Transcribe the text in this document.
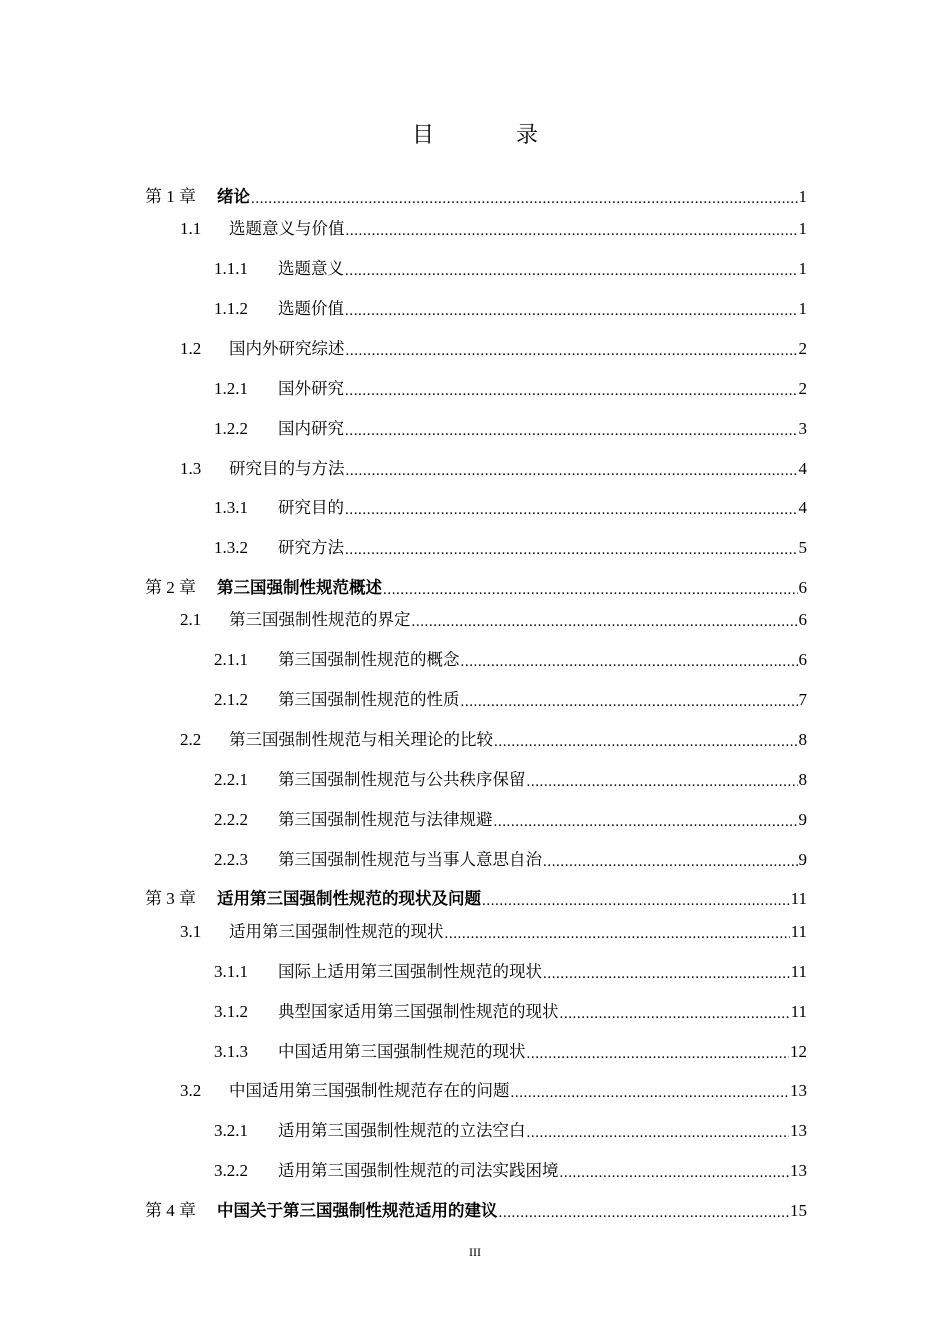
目　录
第 1 章	绪论 .....	1
1.1	选题意义与价值 .....	1
1.1.1	选题意义 .....	1
1.1.2	选题价值 .....	1
1.2	国内外研究综述 .....	2
1.2.1	国外研究 .....	2
1.2.2	国内研究 .....	3
1.3	研究目的与方法 .....	4
1.3.1	研究目的 .....	4
1.3.2	研究方法 .....	5
第 2 章	第三国强制性规范概述 .....	6
2.1	第三国强制性规范的界定 .....	6
2.1.1	第三国强制性规范的概念 .....	6
2.1.2	第三国强制性规范的性质 .....	7
2.2	第三国强制性规范与相关理论的比较 .....	8
2.2.1	第三国强制性规范与公共秩序保留 .....	8
2.2.2	第三国强制性规范与法律规避 .....	9
2.2.3	第三国强制性规范与当事人意思自治 .....	9
第 3 章	适用第三国强制性规范的现状及问题 .....	11
3.1	适用第三国强制性规范的现状 .....	11
3.1.1	国际上适用第三国强制性规范的现状 .....	11
3.1.2	典型国家适用第三国强制性规范的现状 .....	11
3.1.3	中国适用第三国强制性规范的现状 .....	12
3.2	中国适用第三国强制性规范存在的问题 .....	13
3.2.1	适用第三国强制性规范的立法空白 .....	13
3.2.2	适用第三国强制性规范的司法实践困境 .....	13
第 4 章	中国关于第三国强制性规范适用的建议 .....	15
III
